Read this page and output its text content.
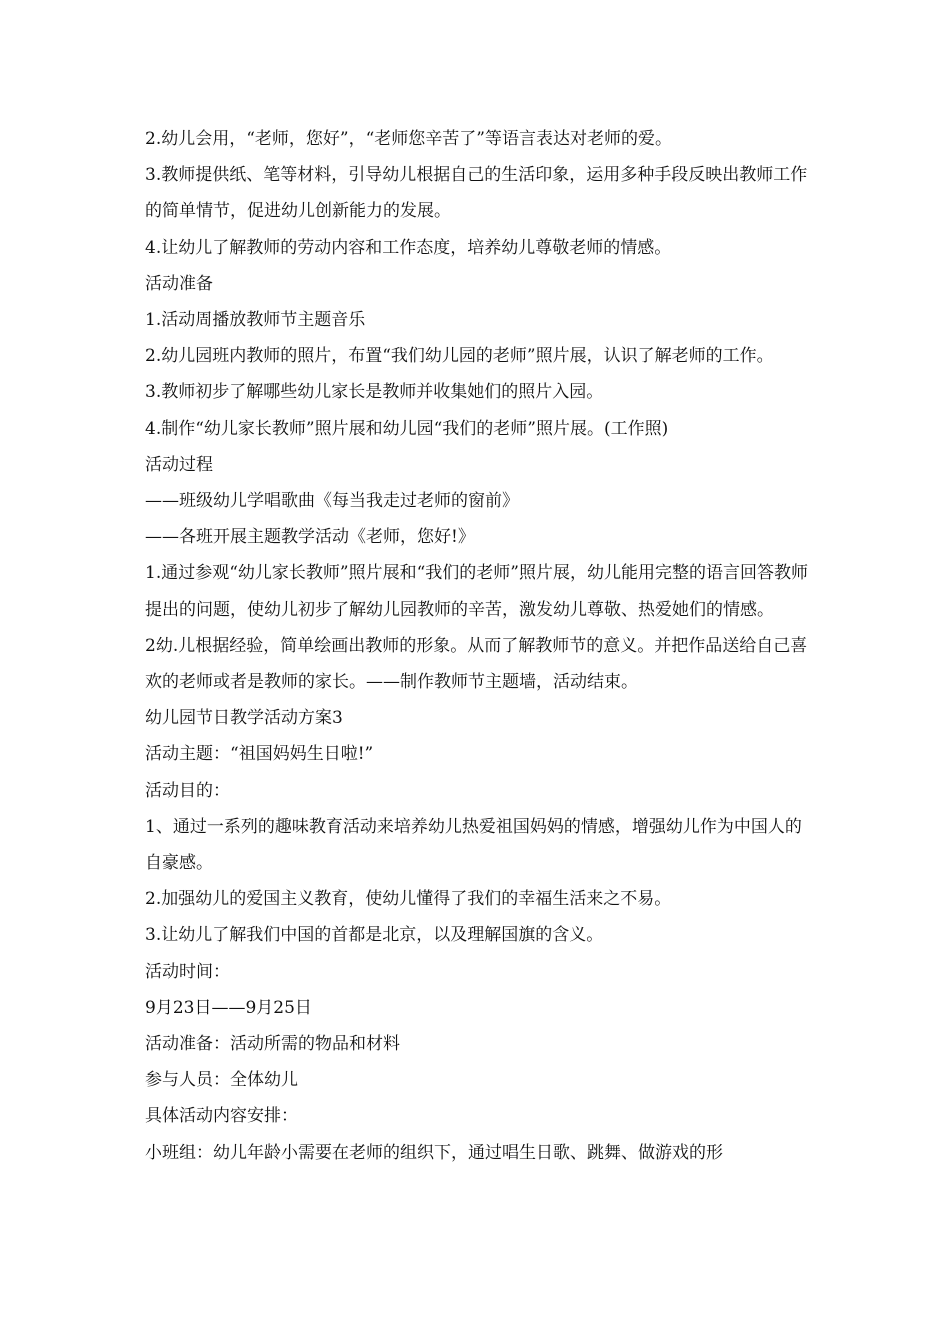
2.幼儿会用，“老师，您好”，“老师您辛苦了”等语言表达对老师的爱。

3.教师提供纸、笔等材料，引导幼儿根据自己的生活印象，运用多种手段反映出教师工作的简单情节，促进幼儿创新能力的发展。

4.让幼儿了解教师的劳动内容和工作态度，培养幼儿尊敬老师的情感。

活动准备

1.活动周播放教师节主题音乐

2.幼儿园班内教师的照片，布置“我们幼儿园的老师”照片展，认识了解老师的工作。

3.教师初步了解哪些幼儿家长是教师并收集她们的照片入园。

4.制作“幼儿家长教师”照片展和幼儿园“我们的老师”照片展。(工作照)

活动过程

——班级幼儿学唱歌曲《每当我走过老师的窗前》

——各班开展主题教学活动《老师，您好!》

1.通过参观“幼儿家长教师”照片展和“我们的老师”照片展，幼儿能用完整的语言回答教师提出的问题，使幼儿初步了解幼儿园教师的辛苦，激发幼儿尊敬、热爱她们的情感。

2幼.儿根据经验，简单绘画出教师的形象。从而了解教师节的意义。并把作品送给自己喜欢的老师或者是教师的家长。——制作教师节主题墙，活动结束。

幼儿园节日教学活动方案3

活动主题：“祖国妈妈生日啦!”

活动目的：

1、通过一系列的趣味教育活动来培养幼儿热爱祖国妈妈的情感，增强幼儿作为中国人的自豪感。

2.加强幼儿的爱国主义教育，使幼儿懂得了我们的幸福生活来之不易。

3.让幼儿了解我们中国的首都是北京，以及理解国旗的含义。

活动时间：

9月23日——9月25日

活动准备：活动所需的物品和材料

参与人员：全体幼儿

具体活动内容安排：

小班组：幼儿年龄小需要在老师的组织下，通过唱生日歌、跳舞、做游戏的形
